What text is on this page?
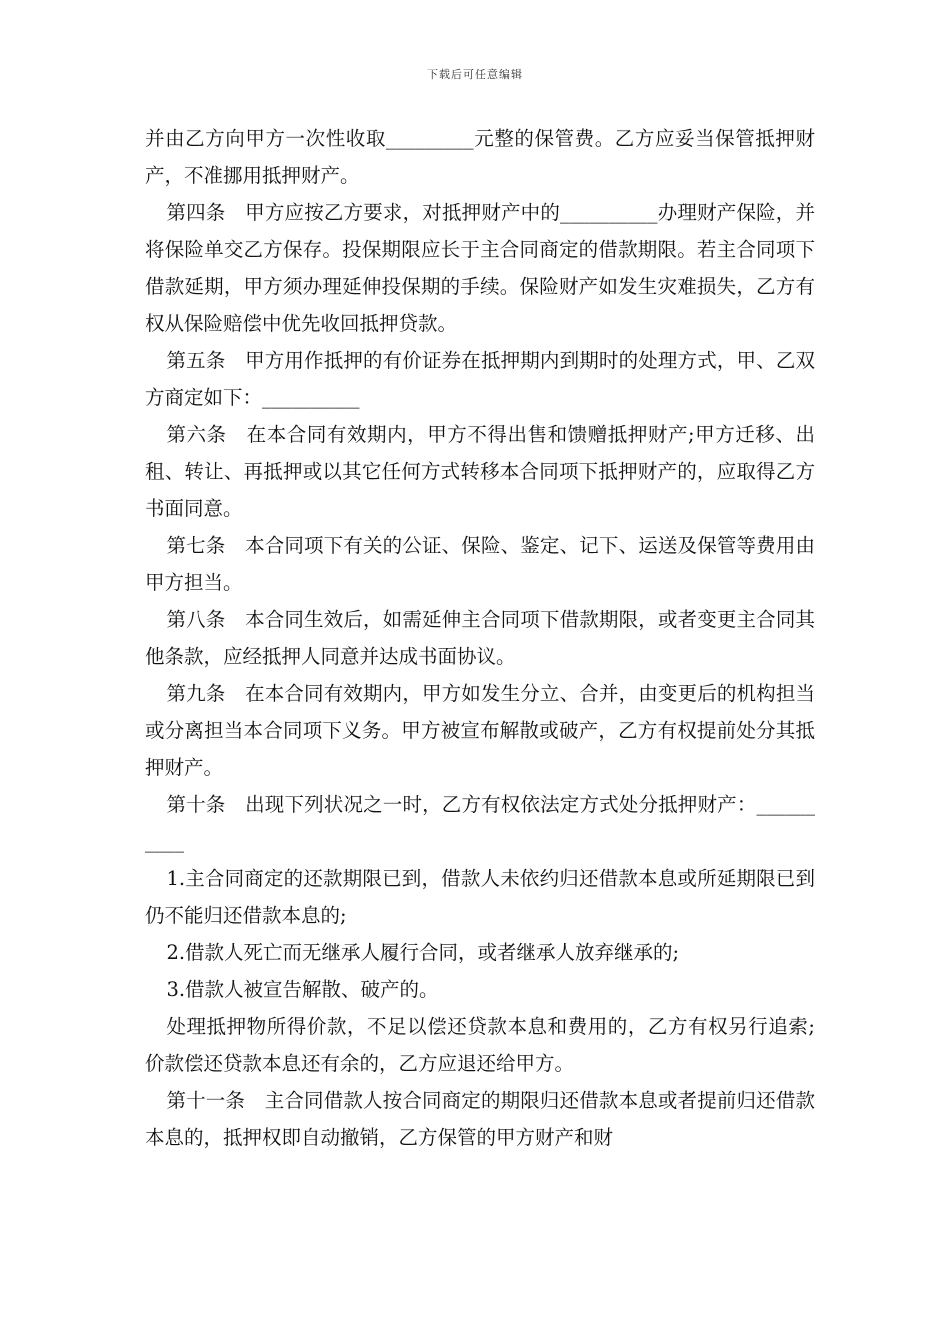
下载后可任意编辑

并由乙方向甲方一次性收取_________元整的保管费。乙方应妥当保管抵押财产，不准挪用抵押财产。

第四条　甲方应按乙方要求，对抵押财产中的__________办理财产保险，并将保险单交乙方保存。投保期限应长于主合同商定的借款期限。若主合同项下借款延期，甲方须办理延伸投保期的手续。保险财产如发生灾难损失，乙方有权从保险赔偿中优先收回抵押贷款。

第五条　甲方用作抵押的有价证券在抵押期内到期时的处理方式，甲、乙双方商定如下：__________

第六条　在本合同有效期内，甲方不得出售和馈赠抵押财产;甲方迁移、出租、转让、再抵押或以其它任何方式转移本合同项下抵押财产的，应取得乙方书面同意。

第七条　本合同项下有关的公证、保险、鉴定、记下、运送及保管等费用由甲方担当。

第八条　本合同生效后，如需延伸主合同项下借款期限，或者变更主合同其他条款，应经抵押人同意并达成书面协议。

第九条　在本合同有效期内，甲方如发生分立、合并，由变更后的机构担当或分离担当本合同项下义务。甲方被宣布解散或破产，乙方有权提前处分其抵押财产。

第十条　出现下列状况之一时，乙方有权依法定方式处分抵押财产：__________

1.主合同商定的还款期限已到，借款人未依约归还借款本息或所延期限已到仍不能归还借款本息的;

2.借款人死亡而无继承人履行合同，或者继承人放弃继承的;

3.借款人被宣告解散、破产的。

处理抵押物所得价款，不足以偿还贷款本息和费用的，乙方有权另行追索;价款偿还贷款本息还有余的，乙方应退还给甲方。

第十一条　主合同借款人按合同商定的期限归还借款本息或者提前归还借款本息的，抵押权即自动撤销，乙方保管的甲方财产和财
